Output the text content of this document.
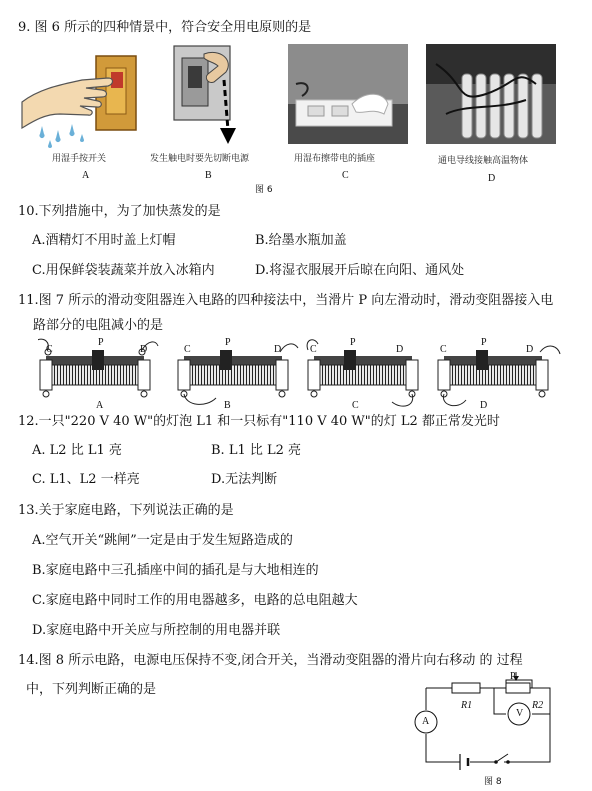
9. 图 6 所示的四种情景中，符合安全用电原则的是
用湿手按开关	发生触电时要先切断电源	用湿布擦带电的插座	通电导线接触高温物体
A	B	C	D
图 6
10.下列措施中，为了加快蒸发的是
A.酒精灯不用时盖上灯帽	B.给墨水瓶加盖
C.用保鲜袋装蔬菜并放入冰箱内	D.将湿衣服展开后晾在向阳、通风处
11.图 7 所示的滑动变阻器连入电路的四种接法中，当滑片 P 向左滑动时，滑动变阻器接入电
路部分的电阻减小的是
P
C	D
A
P
C	D
B
P
C	D
C
P
C	D
D
12.一只"220 V 40 W"的灯泡 L1 和一只标有"110 V 40 W"的灯 L2 都正常发光时
A. L2 比 L1 亮	B. L1 比 L2 亮
C. L1、L2 一样亮	D.无法判断
13.关于家庭电路，下列说法正确的是
A.空气开关“跳闸”一定是由于发生短路造成的
B.家庭电路中三孔插座中间的插孔是与大地相连的
C.家庭电路中同时工作的用电器越多，电路的总电阻越大
D.家庭电路中开关应与所控制的用电器并联
14.图 8 所示电路，电源电压保持不变,闭合开关，当滑动变阻器的滑片向右移动 的 过程
中，下列判断正确的是
A
V
R1	R2
P
图 8
